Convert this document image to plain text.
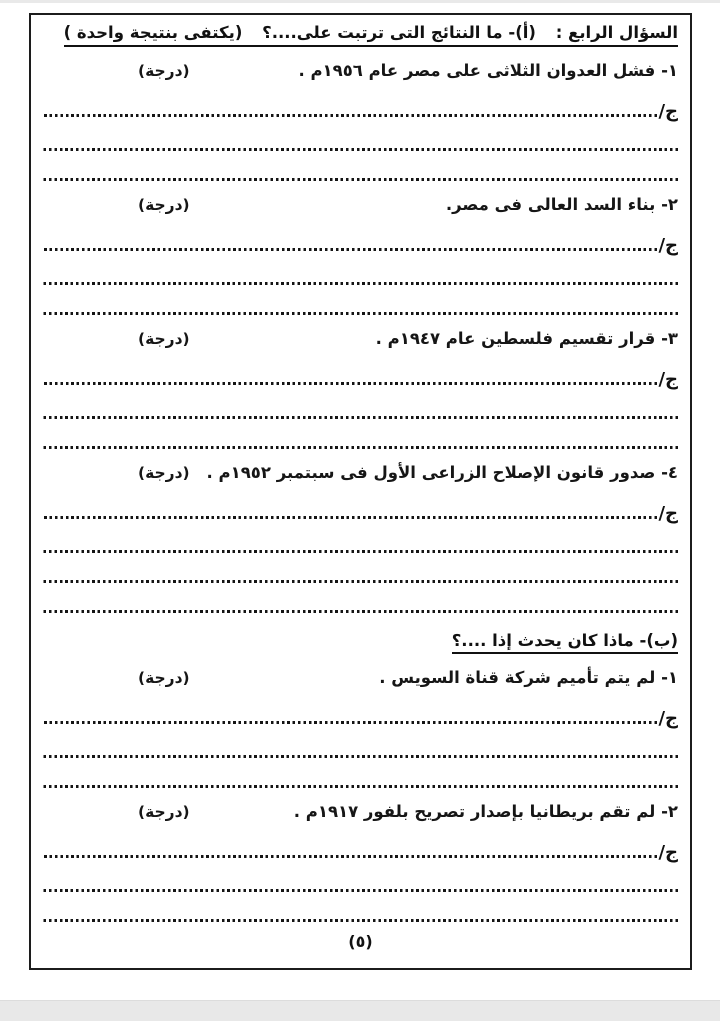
السؤال الرابع : (أ)- ما النتائج التى ترتبت على....؟ (يكتفى بنتيجة واحدة )
١- فشل العدوان الثلاثى على مصر عام ١٩٥٦م .
(درجة)
ج/
٢- بناء السد العالى فى مصر.
(درجة)
ج/
٣- قرار تقسيم فلسطين عام ١٩٤٧م .
(درجة)
ج/
٤- صدور قانون الإصلاح الزراعى الأول فى سبتمبر ١٩٥٢م .
(درجة)
ج/
(ب)- ماذا كان يحدث إذا ....؟
١- لم يتم تأميم شركة قناة السويس .
(درجة)
ج/
٢- لم تقم بريطانيا بإصدار تصريح بلفور ١٩١٧م .
(درجة)
ج/
(٥)
